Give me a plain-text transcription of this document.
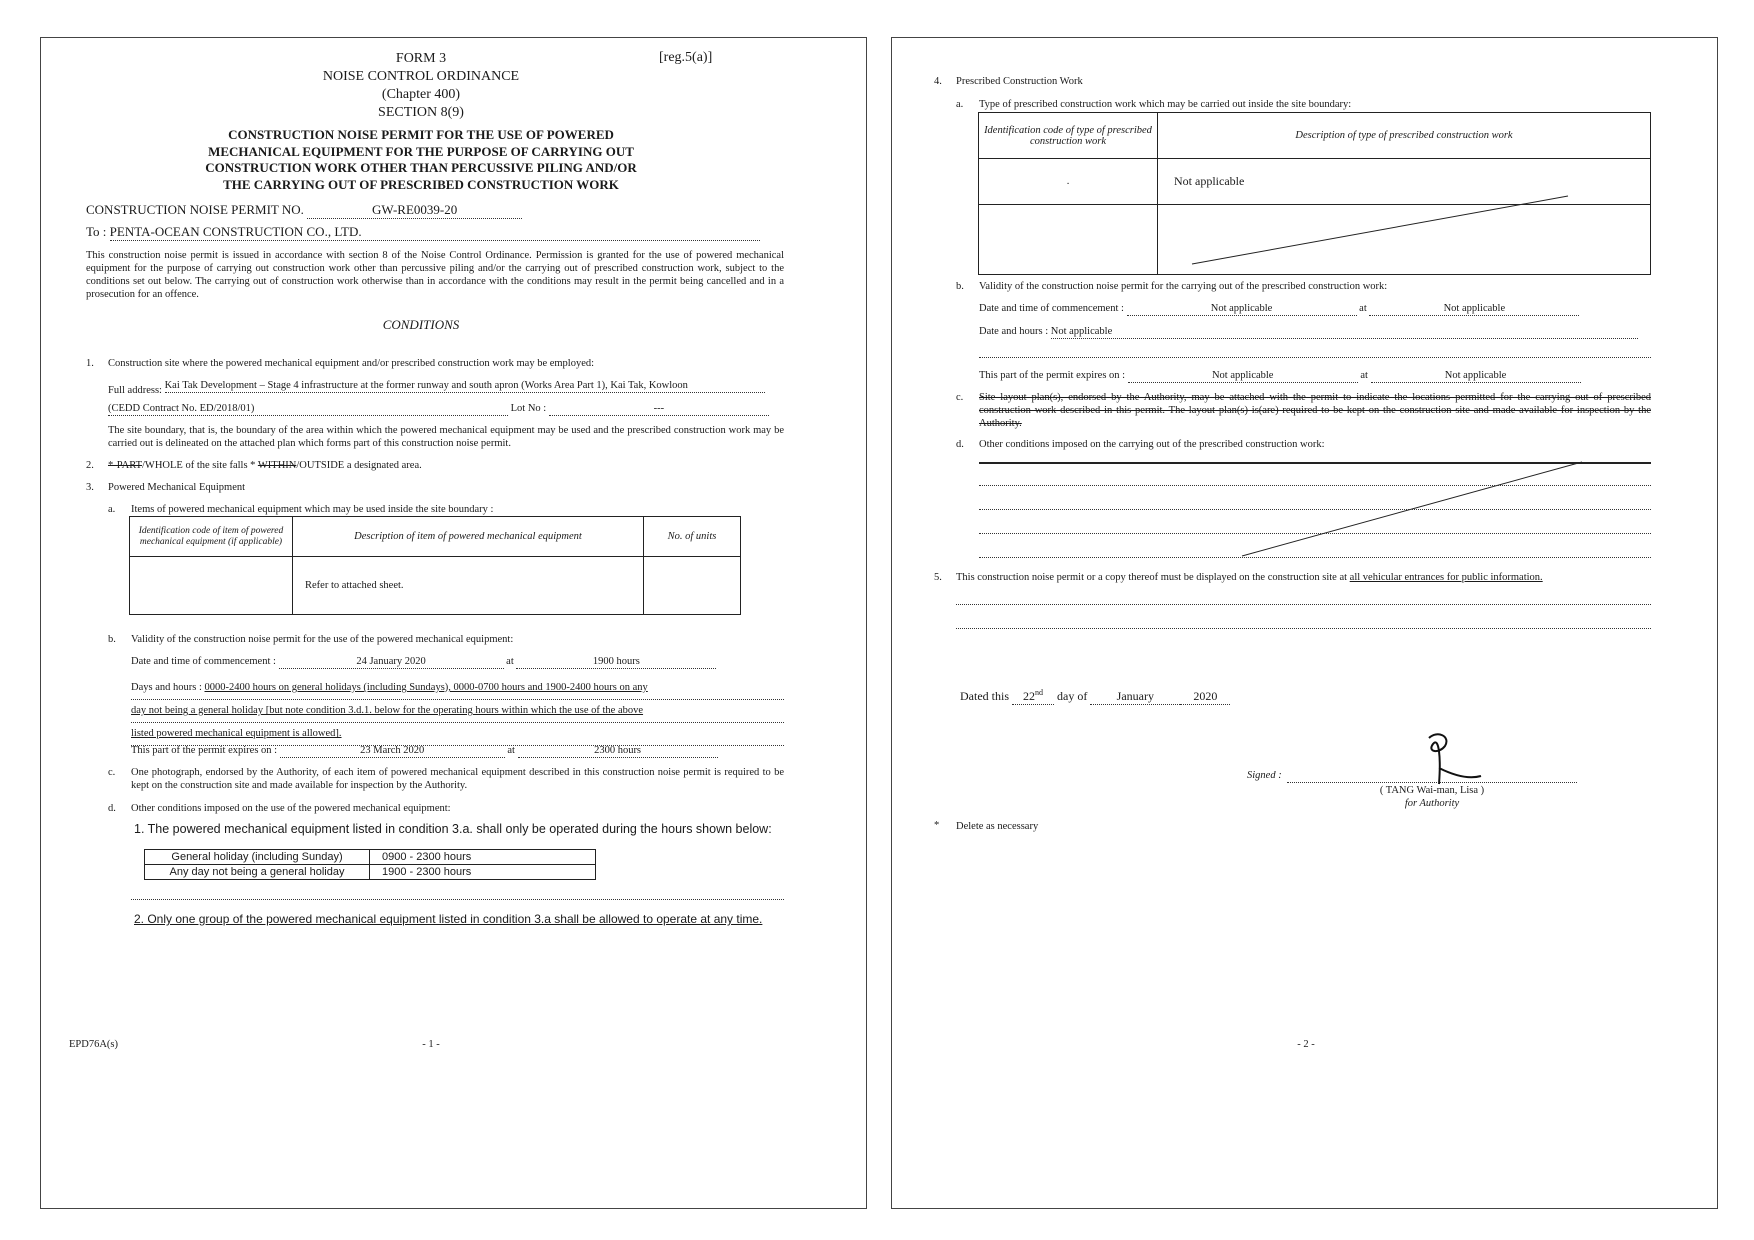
FORM 3
NOISE CONTROL ORDINANCE
(Chapter 400)
SECTION 8(9)
[reg.5(a)]
CONSTRUCTION NOISE PERMIT FOR THE USE OF POWERED
MECHANICAL EQUIPMENT FOR THE PURPOSE OF CARRYING OUT
CONSTRUCTION WORK OTHER THAN PERCUSSIVE PILING AND/OR
THE CARRYING OUT OF PRESCRIBED CONSTRUCTION WORK
CONSTRUCTION NOISE PERMIT NO.	GW-RE0039-20
To : PENTA-OCEAN CONSTRUCTION CO., LTD.
This construction noise permit is issued in accordance with section 8 of the Noise Control Ordinance. Permission is granted for the use of powered mechanical equipment for the purpose of carrying out construction work other than percussive piling and/or the carrying out of prescribed construction work, subject to the conditions set out below. The carrying out of construction work otherwise than in accordance with the conditions may result in the permit being cancelled and in a prosecution for an offence.
CONDITIONS
1. Construction site where the powered mechanical equipment and/or prescribed construction work may be employed:
Full address: Kai Tak Development – Stage 4 infrastructure at the former runway and south apron (Works Area Part 1), Kai Tak, Kowloon
(CEDD Contract No. ED/2018/01)	Lot No :	---
The site boundary, that is, the boundary of the area within which the powered mechanical equipment may be used and the prescribed construction work may be carried out is delineated on the attached plan which forms part of this construction noise permit.
2. *-PART/WHOLE of the site falls * WITHIN/OUTSIDE a designated area.
3. Powered Mechanical Equipment
a. Items of powered mechanical equipment which may be used inside the site boundary :
Identification code of item of powered mechanical equipment (if applicable)	Description of item of powered mechanical equipment	No. of units
	Refer to attached sheet.	
b. Validity of the construction noise permit for the use of the powered mechanical equipment:
Date and time of commencement :	24 January 2020	at	1900 hours
Days and hours : 0000-2400 hours on general holidays (including Sundays), 0000-0700 hours and 1900-2400 hours on any
day not being a general holiday [but note condition 3.d.1. below for the operating hours within which the use of the above
listed powered mechanical equipment is allowed].
This part of the permit expires on :	23 March 2020	at	2300 hours
c. One photograph, endorsed by the Authority, of each item of powered mechanical equipment described in this construction noise permit is required to be kept on the construction site and made available for inspection by the Authority.
d. Other conditions imposed on the use of the powered mechanical equipment:
1. The powered mechanical equipment listed in condition 3.a. shall only be operated during the hours shown below:
General holiday (including Sunday)	0900 - 2300 hours
Any day not being a general holiday	1900 - 2300 hours
2. Only one group of the powered mechanical equipment listed in condition 3.a shall be allowed to operate at any time.
EPD76A(s)	- 1 -
4. Prescribed Construction Work
a. Type of prescribed construction work which may be carried out inside the site boundary:
Identification code of type of prescribed construction work	Description of type of prescribed construction work
.	Not applicable

b. Validity of the construction noise permit for the carrying out of the prescribed construction work:
Date and time of commencement :	Not applicable	at	Not applicable
Date and hours : Not applicable
This part of the permit expires on :	Not applicable	at	Not applicable
c. Site layout plan(s), endorsed by the Authority, may be attached with the permit to indicate the locations permitted for the carrying out of prescribed construction work described in this permit. The layout plan(s) is(are) required to be kept on the construction site and made available for inspection by the Authority.
d. Other conditions imposed on the carrying out of the prescribed construction work:
5. This construction noise permit or a copy thereof must be displayed on the construction site at all vehicular entrances for public information.
Dated this 22nd day of January	2020
Signed :
( TANG Wai-man, Lisa )
for Authority
* Delete as necessary
- 2 -
